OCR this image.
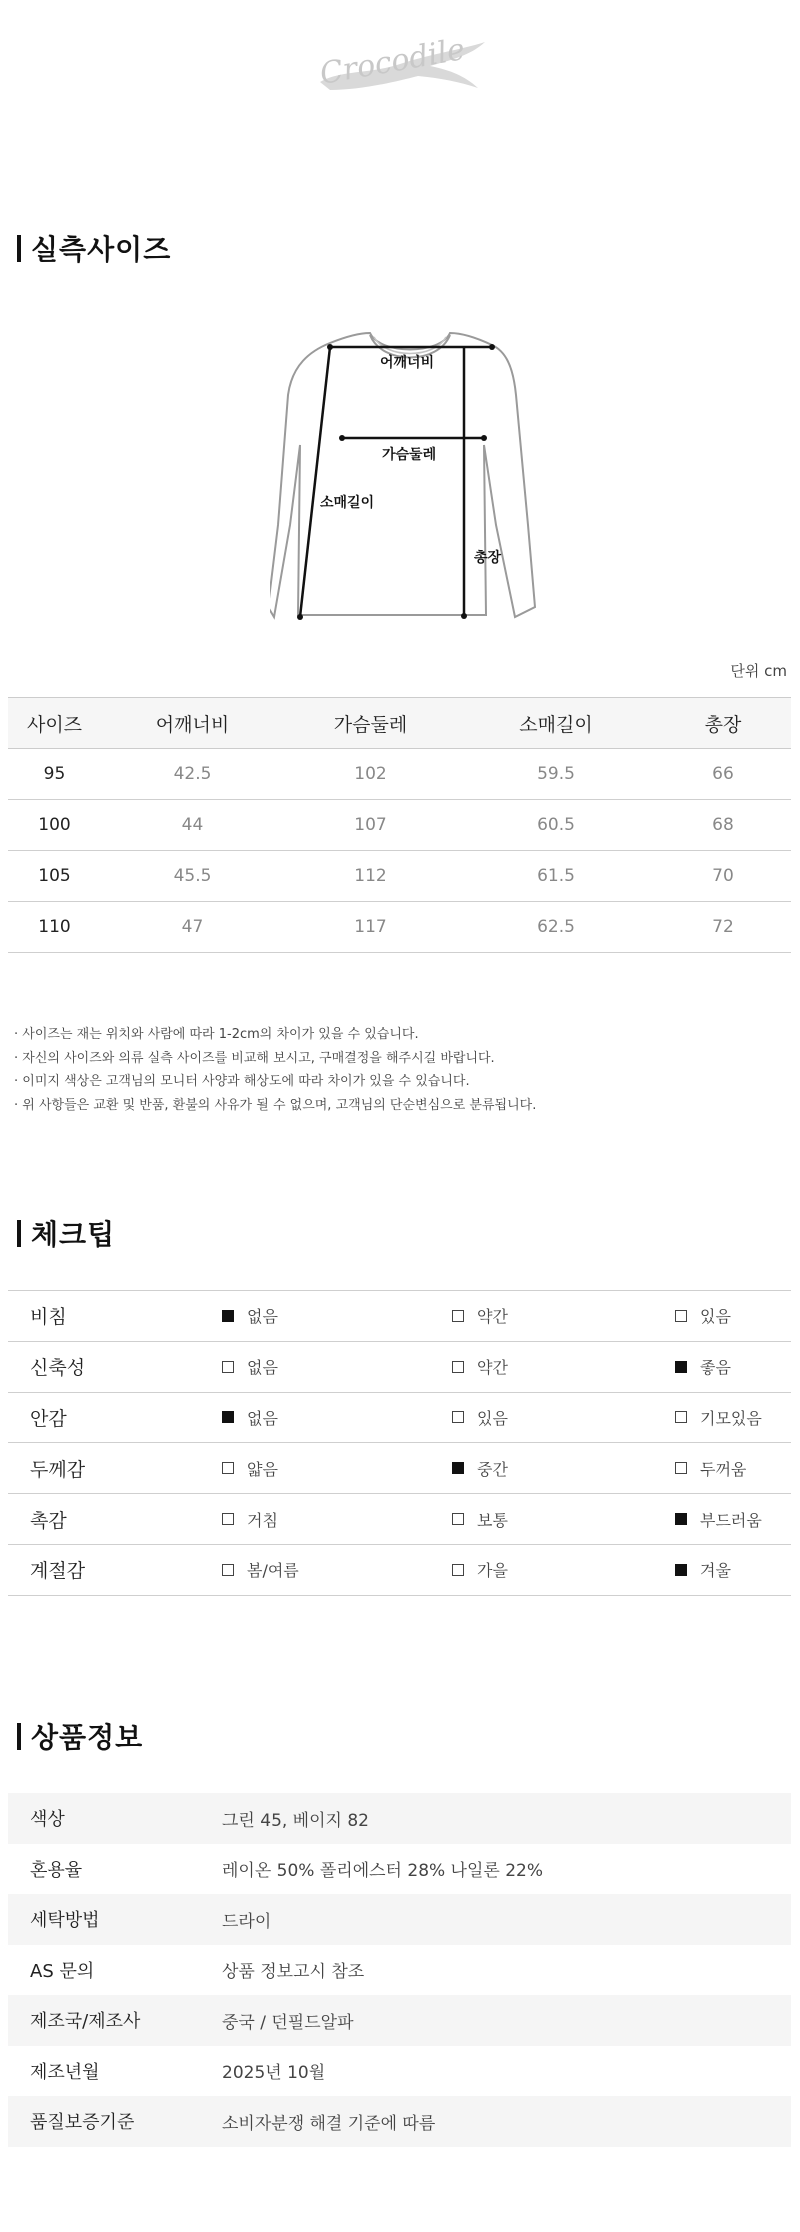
Crocodile
실측사이즈
어깨너비
가슴둘레
소매길이
총장
단위 cm
사이즈	어깨너비	가슴둘레	소매길이	총장
95	42.5	102	59.5	66
100	44	107	60.5	68
105	45.5	112	61.5	70
110	47	117	62.5	72
· 사이즈는 재는 위치와 사람에 따라 1-2cm의 차이가 있을 수 있습니다.
· 자신의 사이즈와 의류 실측 사이즈를 비교해 보시고, 구매결정을 해주시길 바랍니다.
· 이미지 색상은 고객님의 모니터 사양과 해상도에 따라 차이가 있을 수 있습니다.
· 위 사항들은 교환 및 반품, 환불의 사유가 될 수 없으며, 고객님의 단순변심으로 분류됩니다.
체크팁
비침	없음	약간	있음
신축성	없음	약간	좋음
안감	없음	있음	기모있음
두께감	얇음	중간	두꺼움
촉감	거침	보통	부드러움
계절감	봄/여름	가을	겨울
상품정보
색상	그린 45, 베이지 82
혼용율	레이온 50% 폴리에스터 28% 나일론 22%
세탁방법	드라이
AS 문의	상품 정보고시 참조
제조국/제조사	중국 / 던필드알파
제조년월	2025년 10월
품질보증기준	소비자분쟁 해결 기준에 따름
